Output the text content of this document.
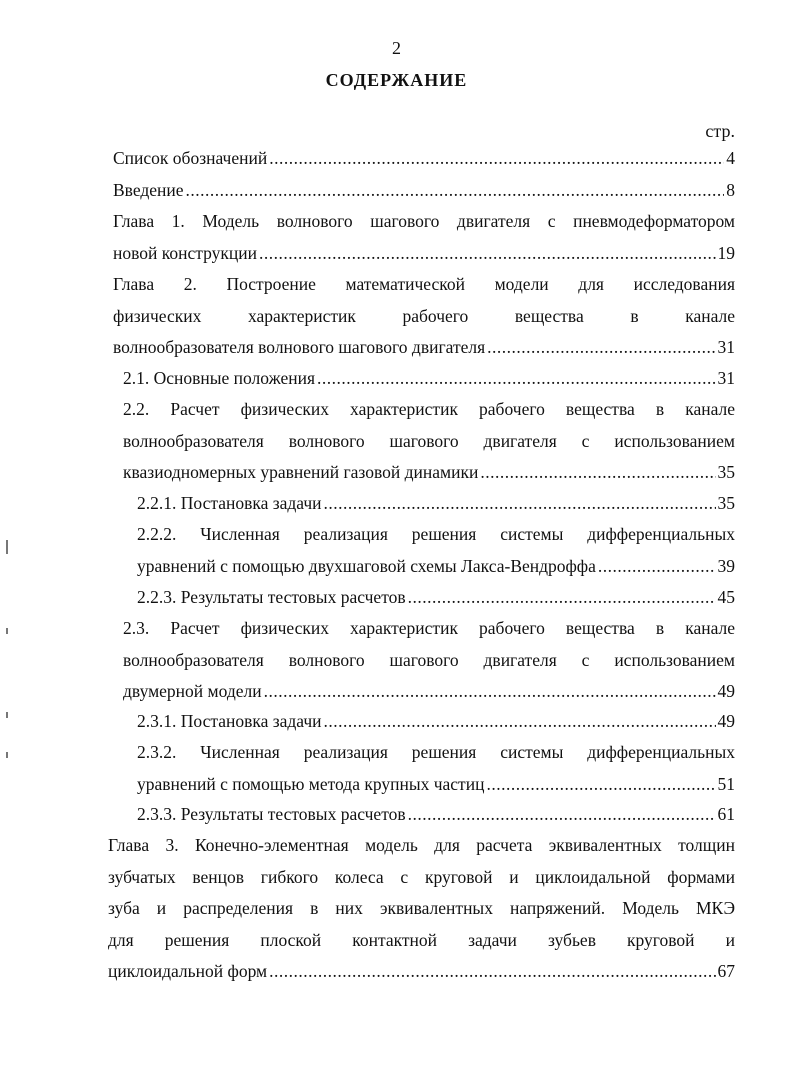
2
СОДЕРЖАНИЕ
стр.
Список обозначений .....	4
Введение .....	8
Глава 1. Модель волнового шагового двигателя с пневмодеформатором
новой конструкции .....	19
Глава 2. Построение математической модели для исследования
физических характеристик рабочего вещества в канале
волнообразователя волнового шагового двигателя .....	31
2.1. Основные положения .....	31
2.2. Расчет физических характеристик рабочего вещества в канале
волнообразователя волнового шагового двигателя с использованием
квазиодномерных уравнений газовой динамики .....	35
2.2.1. Постановка задачи .....	35
2.2.2. Численная реализация решения системы дифференциальных
уравнений с помощью двухшаговой схемы Лакса-Вендроффа .....	39
2.2.3. Результаты тестовых расчетов .....	45
2.3. Расчет физических характеристик рабочего вещества в канале
волнообразователя волнового шагового двигателя с использованием
двумерной модели .....	49
2.3.1. Постановка задачи .....	49
2.3.2. Численная реализация решения системы дифференциальных
уравнений с помощью метода крупных частиц .....	51
2.3.3. Результаты тестовых расчетов .....	61
Глава 3. Конечно-элементная модель для расчета эквивалентных толщин
зубчатых венцов гибкого колеса с круговой и циклоидальной формами
зуба и распределения в них эквивалентных напряжений. Модель МКЭ
для решения плоской контактной задачи зубьев круговой и
циклоидальной форм .....	67
